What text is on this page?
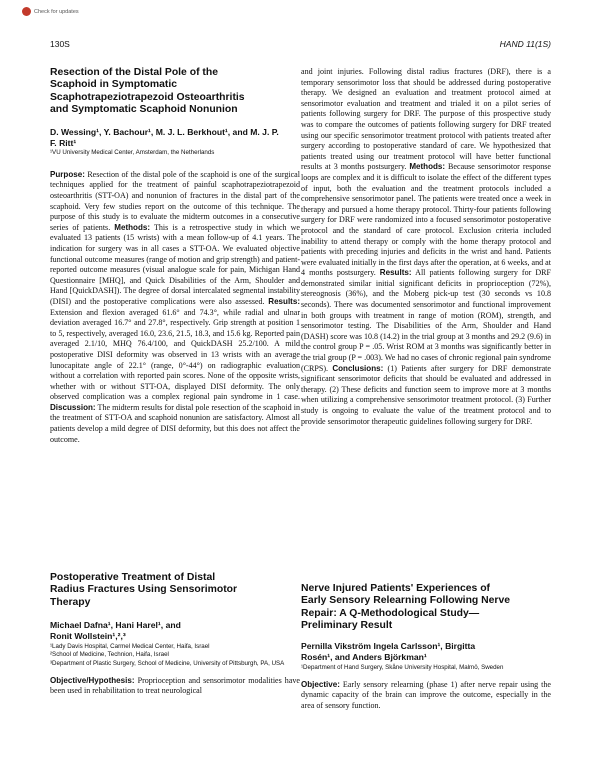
Check for updates
130S	HAND 11(1S)
Resection of the Distal Pole of the Scaphoid in Symptomatic Scaphotrapeziotrapezoid Osteoarthritis and Symptomatic Scaphoid Nonunion
D. Wessing¹, Y. Bachour¹, M. J. L. Berkhout¹, and M. J. P. F. Ritt¹
¹VU University Medical Center, Amsterdam, the Netherlands

Purpose: Resection of the distal pole of the scaphoid is one of the surgical techniques applied for the treatment of painful scaphotrapeziotrapezoid osteoarthritis (STT-OA) and nonunion of fractures in the distal part of the scaphoid. Very few studies report on the outcome of this technique. The purpose of this study is to evaluate the midterm outcomes in a consecutive series of patients. Methods: This is a retrospective study in which we evaluated 13 patients (15 wrists) with a mean follow-up of 4.1 years. The indication for surgery was in all cases a STT-OA. We evaluated objective functional outcome measures (range of motion and grip strength) and patient-reported outcome measures (visual analogue scale for pain, Michigan Hand Questionnaire [MHQ], and Quick Disabilities of the Arm, Shoulder and Hand [QuickDASH]). The degree of dorsal intercalated segmental instability (DISI) and the postoperative complications were also assessed. Results: Extension and flexion averaged 61.6° and 74.3°, while radial and ulnar deviation averaged 16.7° and 27.8°, respectively. Grip strength at position 1 to 5, respectively, averaged 16.0, 23.6, 21.5, 18.3, and 15.6 kg. Reported pain averaged 2.1/10, MHQ 76.4/100, and QuickDASH 25.2/100. A mild postoperative DISI deformity was observed in 13 wrists with an average lunocapitate angle of 22.1° (range, 0°-44°) on radiographic evaluation without a correlation with reported pain scores. None of the opposite wrists, whether with or without STT-OA, displayed DISI deformity. The only observed complication was a complex regional pain syndrome in 1 case. Discussion: The midterm results for distal pole resection of the scaphoid in the treatment of STT-OA and scaphoid nonunion are satisfactory. Almost all patients develop a mild degree of DISI deformity, but this does not affect the outcome.

Postoperative Treatment of Distal Radius Fractures Using Sensorimotor Therapy
Michael Dafna¹, Hani Harel¹, and Ronit Wollstein¹,²,³
¹Lady Davis Hospital, Carmel Medical Center, Haifa, Israel
²School of Medicine, Technion, Haifa, Israel
³Department of Plastic Surgery, School of Medicine, University of Pittsburgh, PA, USA

Objective/Hypothesis: Proprioception and sensorimotor modalities have been used in rehabilitation to treat neurological

and joint injuries. Following distal radius fractures (DRF), there is a temporary sensorimotor loss that should be addressed during postoperative therapy. We designed an evaluation and treatment protocol aimed at sensorimotor evaluation and treatment and trialed it on a pilot series of patients following surgery for DRF. The purpose of this prospective study was to compare the outcomes of patients following surgery for DRF treated using our specific sensorimotor treatment protocol with patients treated after surgery according to postoperative standard of care. We hypothesized that patients treated using our treatment protocol will have better functional results at 3 months postsurgery. Methods: Because sensorimotor response loops are complex and it is difficult to isolate the effect of the different types of input, both the evaluation and the treatment protocols included a comprehensive sensorimotor panel. The patients were treated once a week in therapy and pursued a home therapy protocol. Thirty-four patients following surgery for DRF were randomized into a focused sensorimotor postoperative protocol and the standard of care protocol. Exclusion criteria included inability to attend therapy or comply with the home therapy protocol and patients with preceding injuries and deficits in the wrist and hand. Patients were evaluated initially in the first days after the operation, at 6 weeks, and at 4 months postsurgery. Results: All patients following surgery for DRF demonstrated similar initial significant deficits in proprioception (72%), stereognosis (36%), and the Moberg pick-up test (30 seconds vs 10.8 seconds). There was documented sensorimotor and functional improvement in both groups with treatment in range of motion (ROM), strength, and sensorimotor testing. The Disabilities of the Arm, Shoulder and Hand (DASH) score was 10.8 (14.2) in the trial group at 3 months and 29.2 (9.6) in the control group P = .05. Wrist ROM at 3 months was significantly better in the trial group (P = .003). We had no cases of chronic regional pain syndrome (CRPS). Conclusions: (1) Patients after surgery for DRF demonstrate significant sensorimotor deficits that should be evaluated and addressed in therapy. (2) These deficits and function seem to improve more at 3 months when utilizing a comprehensive sensorimotor treatment protocol. (3) Further study is ongoing to evaluate the value of the treatment protocol and to provide sensorimotor therapeutic guidelines following surgery for DRF.

Nerve Injured Patients' Experiences of Early Sensory Relearning Following Nerve Repair: A Q-Methodological Study—Preliminary Result
Pernilla Vikström Ingela Carlsson¹, Birgitta Rosén¹, and Anders Björkman¹
¹Department of Hand Surgery, Skåne University Hospital, Malmö, Sweden

Objective: Early sensory relearning (phase 1) after nerve repair using the dynamic capacity of the brain can improve the outcome, especially in the area of sensory function.
